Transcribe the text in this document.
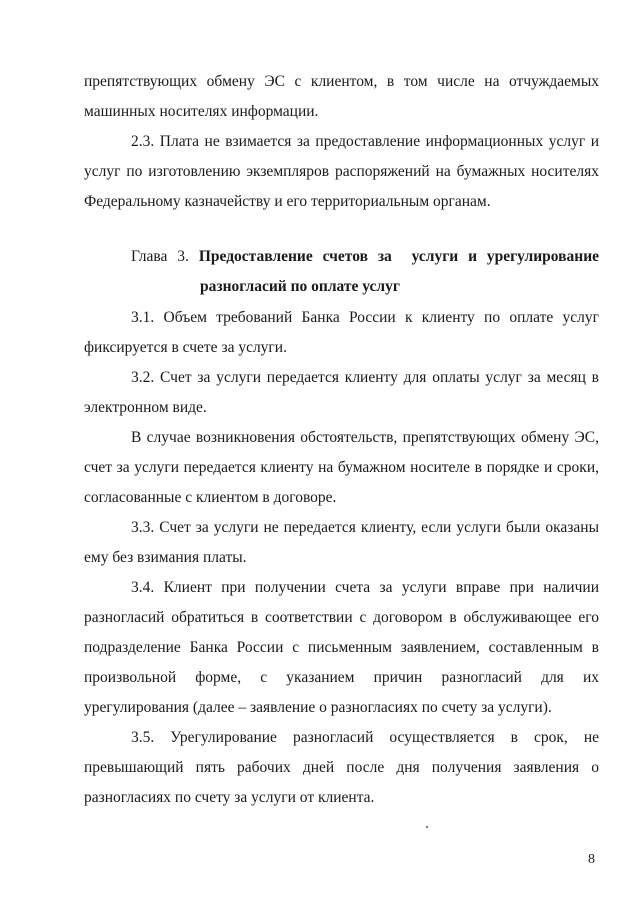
препятствующих обмену ЭС с клиентом, в том числе на отчуждаемых

машинных носителях информации.

2.3. Плата не взимается за предоставление информационных услуг и

услуг по изготовлению экземпляров распоряжений на бумажных носителях

Федеральному казначейству и его территориальным органам.

Глава 3. Предоставление счетов за  услуги и урегулирование

разногласий по оплате услуг

3.1. Объем требований Банка России к клиенту по оплате услуг

фиксируется в счете за услуги.

3.2. Счет за услуги передается клиенту для оплаты услуг за месяц в

электронном виде.

В случае возникновения обстоятельств, препятствующих обмену ЭС,

счет за услуги передается клиенту на бумажном носителе в порядке и сроки,

согласованные с клиентом в договоре.

3.3. Счет за услуги не передается клиенту, если услуги были оказаны

ему без взимания платы.

3.4. Клиент при получении счета за услуги вправе при наличии

разногласий обратиться в соответствии с договором в обслуживающее его

подразделение Банка России с письменным заявлением, составленным в

произвольной форме, с указанием причин разногласий для их

урегулирования (далее – заявление о разногласиях по счету за услуги).

3.5. Урегулирование разногласий осуществляется в срок, не

превышающий пять рабочих дней после дня получения заявления о

разногласиях по счету за услуги от клиента.

8
